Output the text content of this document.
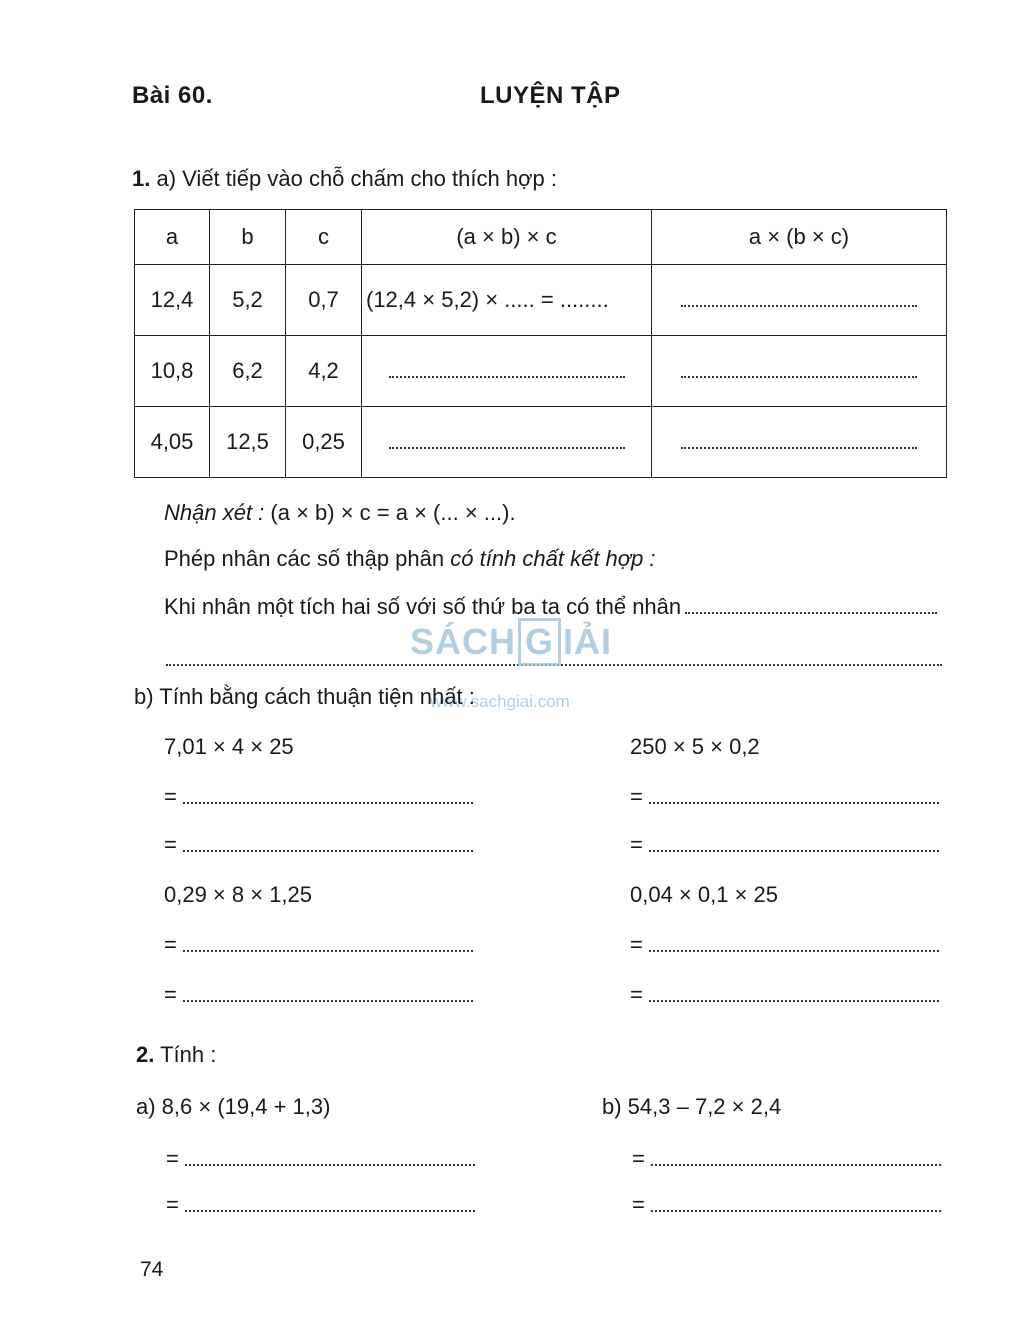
Bài 60.	LUYỆN TẬP
1. a) Viết tiếp vào chỗ chấm cho thích hợp :
a	b	c	(a × b) × c	a × (b × c)
12,4	5,2	0,7	(12,4 × 5,2) × ..... = ........	
10,8	6,2	4,2		
4,05	12,5	0,25		
Nhận xét : (a × b) × c = a × (... × ...).
Phép nhân các số thập phân có tính chất kết hợp :
Khi nhân một tích hai số với số thứ ba ta có thể nhân
SÁCH G IẢI
www.sachgiai.com
b) Tính bằng cách thuận tiện nhất :
7,01 × 4 × 25	250 × 5 × 0,2
=	=
=	=
0,29 × 8 × 1,25	0,04 × 0,1 × 25
=	=
=	=
2. Tính :
a) 8,6 × (19,4 + 1,3)	b) 54,3 – 7,2 × 2,4
=	=
=	=
74
